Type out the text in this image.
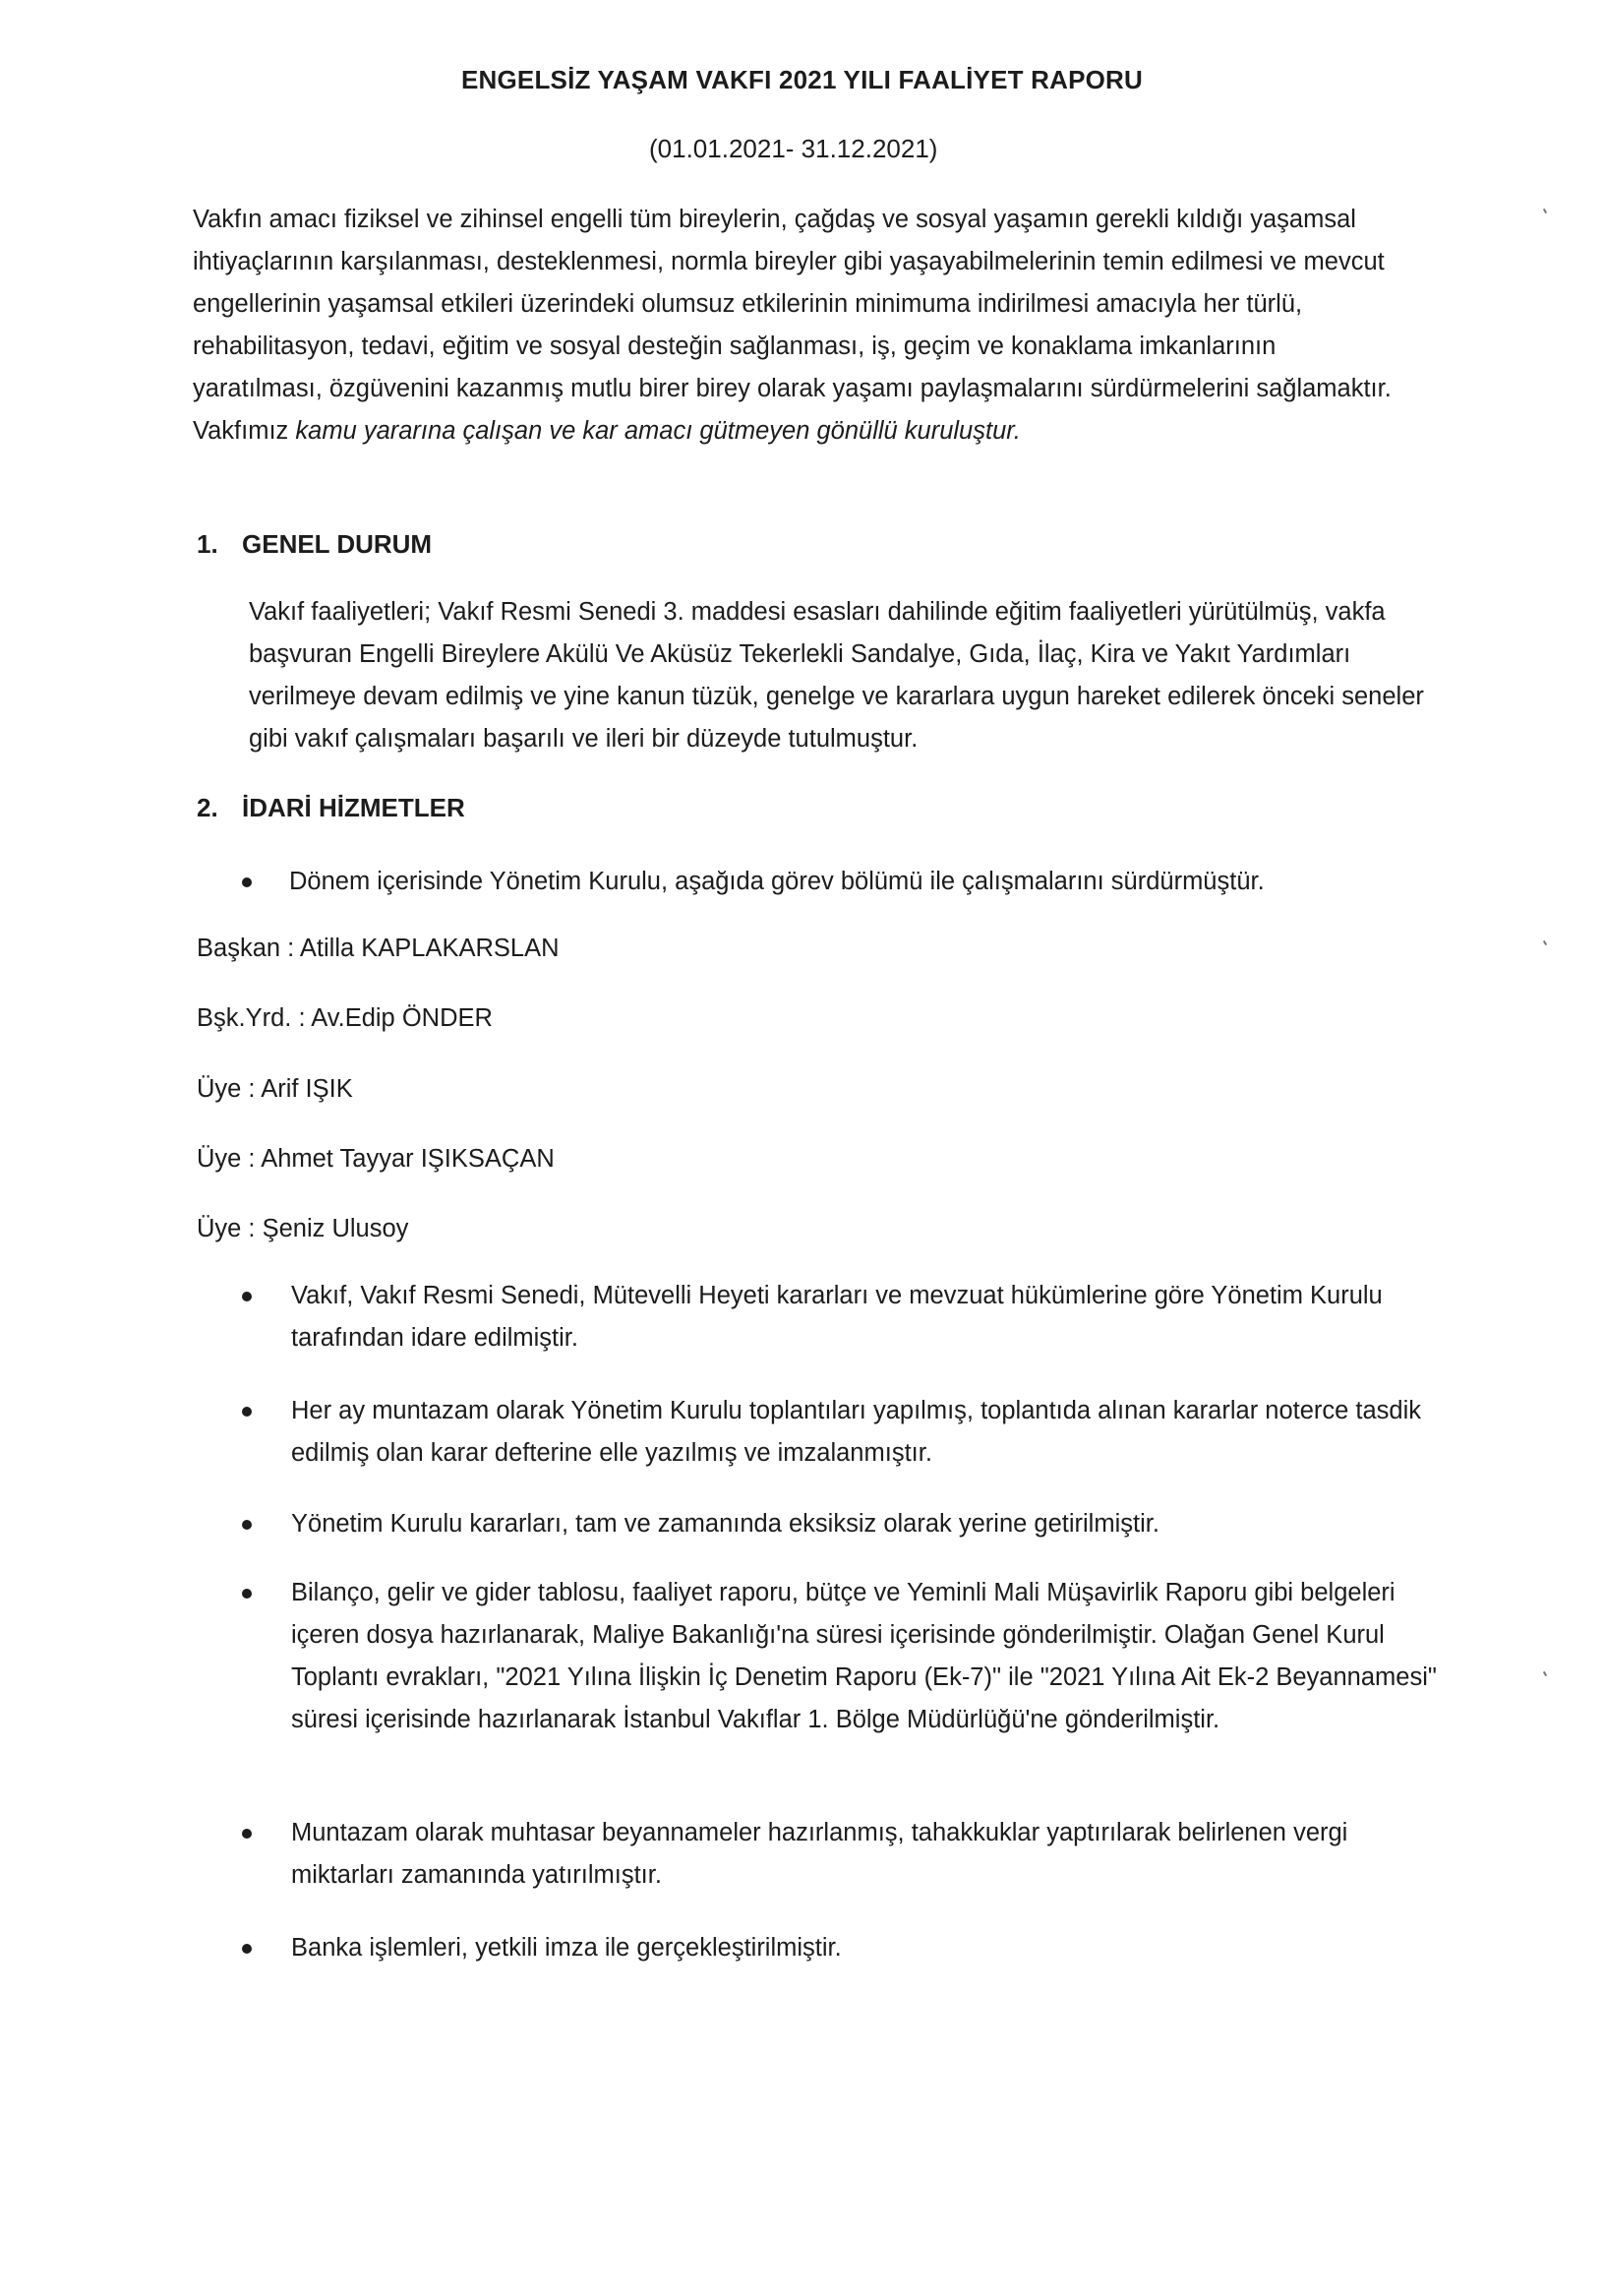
ENGELSİZ YAŞAM VAKFI 2021 YILI FAALİYET RAPORU
(01.01.2021- 31.12.2021)

Vakfın amacı fiziksel ve zihinsel engelli tüm bireylerin, çağdaş ve sosyal yaşamın gerekli kıldığı yaşamsal ihtiyaçlarının karşılanması, desteklenmesi, normla bireyler gibi yaşayabilmelerinin temin edilmesi ve mevcut engellerinin yaşamsal etkileri üzerindeki olumsuz etkilerinin minimuma indirilmesi amacıyla her türlü, rehabilitasyon, tedavi, eğitim ve sosyal desteğin sağlanması, iş, geçim ve konaklama imkanlarının yaratılması, özgüvenini kazanmış mutlu birer birey olarak yaşamı paylaşmalarını sürdürmelerini sağlamaktır. Vakfımız kamu yararına çalışan ve kar amacı gütmeyen gönüllü kuruluştur.

1. GENEL DURUM

Vakıf faaliyetleri; Vakıf Resmi Senedi 3. maddesi esasları dahilinde eğitim faaliyetleri yürütülmüş, vakfa başvuran Engelli Bireylere Akülü Ve Aküsüz Tekerlekli Sandalye, Gıda, İlaç, Kira ve Yakıt Yardımları verilmeye devam edilmiş ve yine kanun tüzük, genelge ve kararlara uygun hareket edilerek önceki seneler gibi vakıf çalışmaları başarılı ve ileri bir düzeyde tutulmuştur.

2. İDARİ HİZMETLER
Dönem içerisinde Yönetim Kurulu, aşağıda görev bölümü ile çalışmalarını sürdürmüştür.
Başkan : Atilla KAPLAKARSLAN
Bşk.Yrd. : Av.Edip ÖNDER
Üye : Arif IŞIK
Üye : Ahmet Tayyar IŞIKSAÇAN
Üye : Şeniz Ulusoy
Vakıf, Vakıf Resmi Senedi, Mütevelli Heyeti kararları ve mevzuat hükümlerine göre Yönetim Kurulu tarafından idare edilmiştir.
Her ay muntazam olarak Yönetim Kurulu toplantıları yapılmış, toplantıda alınan kararlar noterce tasdik edilmiş olan karar defterine elle yazılmış ve imzalanmıştır.
Yönetim Kurulu kararları, tam ve zamanında eksiksiz olarak yerine getirilmiştir.
Bilanço, gelir ve gider tablosu, faaliyet raporu, bütçe ve Yeminli Mali Müşavirlik Raporu gibi belgeleri içeren dosya hazırlanarak, Maliye Bakanlığı'na süresi içerisinde gönderilmiştir. Olağan Genel Kurul Toplantı evrakları, "2021 Yılına İlişkin İç Denetim Raporu (Ek-7)" ile "2021 Yılına Ait Ek-2 Beyannamesi" süresi içerisinde hazırlanarak İstanbul Vakıflar 1. Bölge Müdürlüğü'ne gönderilmiştir.
Muntazam olarak muhtasar beyannameler hazırlanmış, tahakkuklar yaptırılarak belirlenen vergi miktarları zamanında yatırılmıştır.
Banka işlemleri, yetkili imza ile gerçekleştirilmiştir.
